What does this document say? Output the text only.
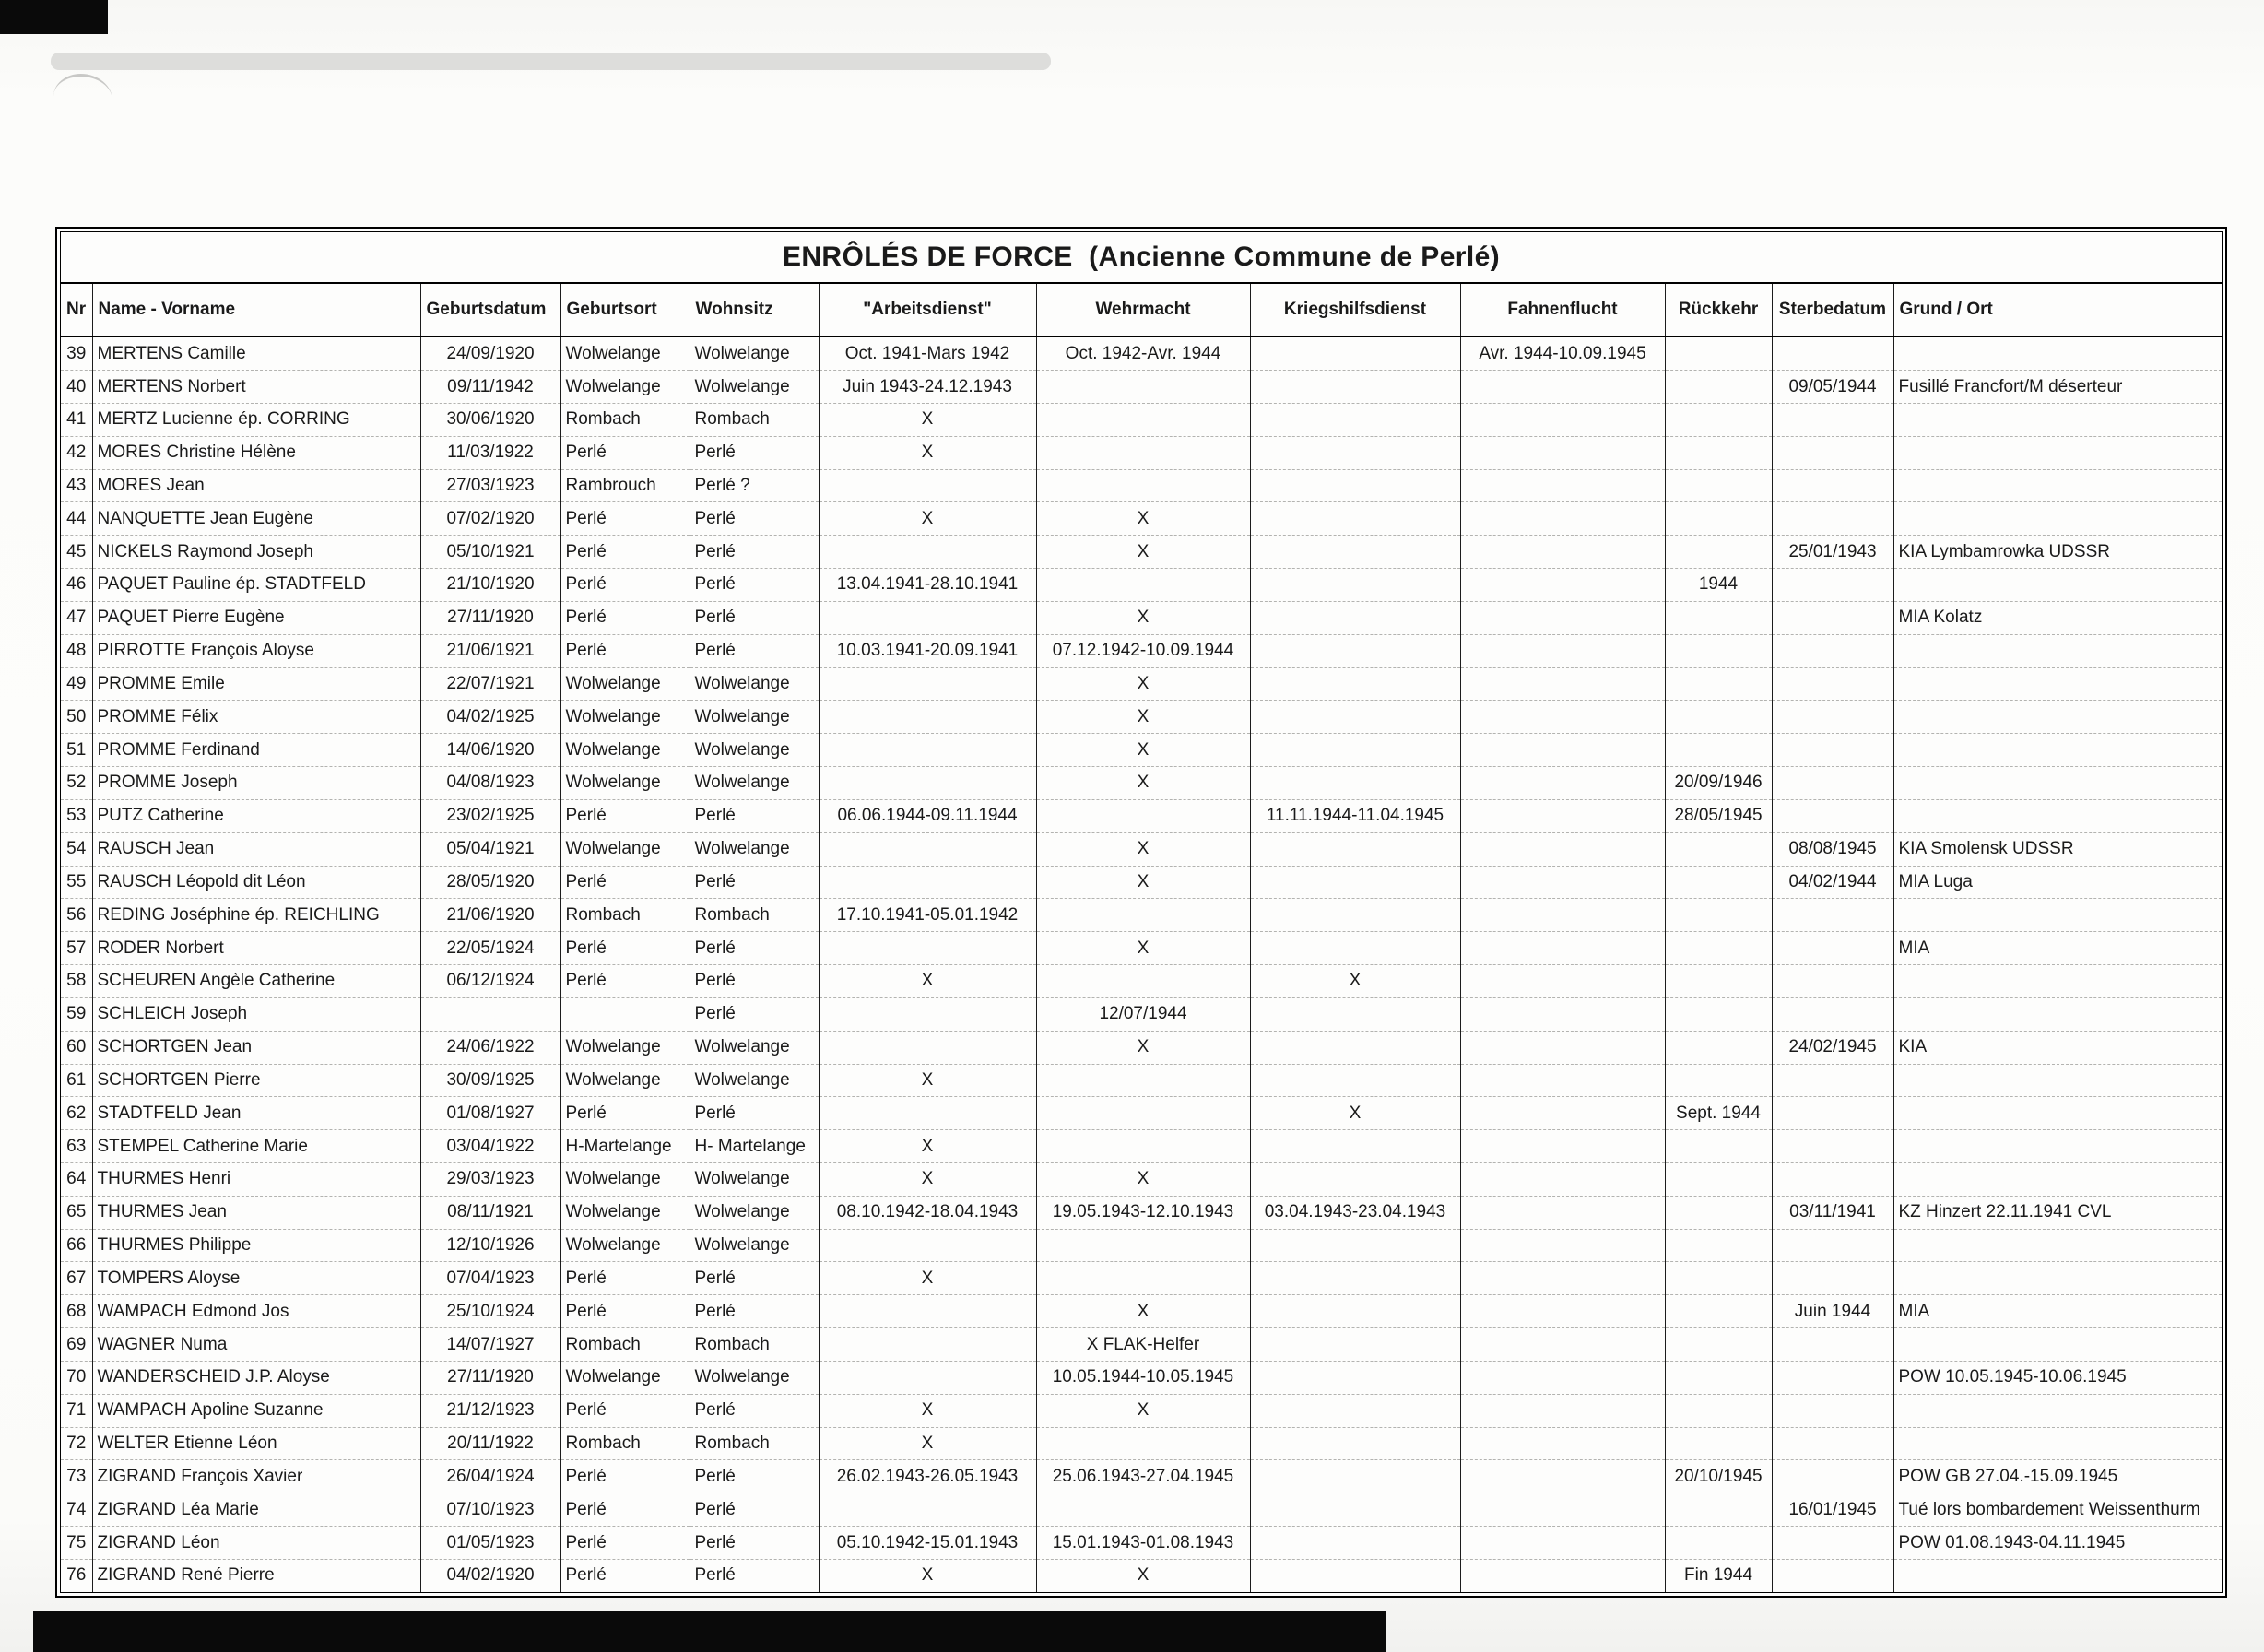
ENRÔLÉS DE FORCE  (Ancienne Commune de Perlé)
Nr	Name - Vorname	Geburtsdatum	Geburtsort	Wohnsitz	"Arbeitsdienst"	Wehrmacht	Kriegshilfsdienst	Fahnenflucht	Rückkehr	Sterbedatum	Grund / Ort
39	MERTENS Camille	24/09/1920	Wolwelange	Wolwelange	Oct. 1941-Mars 1942	Oct. 1942-Avr. 1944		Avr. 1944-10.09.1945			
40	MERTENS Norbert	09/11/1942	Wolwelange	Wolwelange	Juin 1943-24.12.1943					09/05/1944	Fusillé Francfort/M déserteur
41	MERTZ Lucienne ép. CORRING	30/06/1920	Rombach	Rombach	X						
42	MORES Christine Hélène	11/03/1922	Perlé	Perlé	X						
43	MORES Jean	27/03/1923	Rambrouch	Perlé ?							
44	NANQUETTE Jean Eugène	07/02/1920	Perlé	Perlé	X	X					
45	NICKELS Raymond Joseph	05/10/1921	Perlé	Perlé		X				25/01/1943	KIA Lymbamrowka UDSSR
46	PAQUET Pauline ép. STADTFELD	21/10/1920	Perlé	Perlé	13.04.1941-28.10.1941				1944		
47	PAQUET Pierre Eugène	27/11/1920	Perlé	Perlé		X					MIA Kolatz
48	PIRROTTE François Aloyse	21/06/1921	Perlé	Perlé	10.03.1941-20.09.1941	07.12.1942-10.09.1944					
49	PROMME Emile	22/07/1921	Wolwelange	Wolwelange		X					
50	PROMME Félix	04/02/1925	Wolwelange	Wolwelange		X					
51	PROMME Ferdinand	14/06/1920	Wolwelange	Wolwelange		X					
52	PROMME Joseph	04/08/1923	Wolwelange	Wolwelange		X			20/09/1946		
53	PUTZ Catherine	23/02/1925	Perlé	Perlé	06.06.1944-09.11.1944		11.11.1944-11.04.1945		28/05/1945		
54	RAUSCH Jean	05/04/1921	Wolwelange	Wolwelange		X				08/08/1945	KIA Smolensk UDSSR
55	RAUSCH Léopold dit Léon	28/05/1920	Perlé	Perlé		X				04/02/1944	MIA Luga
56	REDING Joséphine ép. REICHLING	21/06/1920	Rombach	Rombach	17.10.1941-05.01.1942						
57	RODER Norbert	22/05/1924	Perlé	Perlé		X					MIA
58	SCHEUREN Angèle Catherine	06/12/1924	Perlé	Perlé	X		X				
59	SCHLEICH Joseph			Perlé		12/07/1944					
60	SCHORTGEN Jean	24/06/1922	Wolwelange	Wolwelange		X				24/02/1945	KIA
61	SCHORTGEN Pierre	30/09/1925	Wolwelange	Wolwelange	X						
62	STADTFELD Jean	01/08/1927	Perlé	Perlé			X		Sept. 1944		
63	STEMPEL Catherine Marie	03/04/1922	H-Martelange	H- Martelange	X						
64	THURMES Henri	29/03/1923	Wolwelange	Wolwelange	X	X					
65	THURMES Jean	08/11/1921	Wolwelange	Wolwelange	08.10.1942-18.04.1943	19.05.1943-12.10.1943	03.04.1943-23.04.1943			03/11/1941	KZ Hinzert 22.11.1941 CVL
66	THURMES Philippe	12/10/1926	Wolwelange	Wolwelange							
67	TOMPERS Aloyse	07/04/1923	Perlé	Perlé	X						
68	WAMPACH Edmond Jos	25/10/1924	Perlé	Perlé		X				Juin 1944	MIA
69	WAGNER Numa	14/07/1927	Rombach	Rombach		X FLAK-Helfer					
70	WANDERSCHEID J.P. Aloyse	27/11/1920	Wolwelange	Wolwelange		10.05.1944-10.05.1945					POW 10.05.1945-10.06.1945
71	WAMPACH Apoline Suzanne	21/12/1923	Perlé	Perlé	X	X					
72	WELTER Etienne Léon	20/11/1922	Rombach	Rombach	X						
73	ZIGRAND François Xavier	26/04/1924	Perlé	Perlé	26.02.1943-26.05.1943	25.06.1943-27.04.1945			20/10/1945		POW GB 27.04.-15.09.1945
74	ZIGRAND Léa Marie	07/10/1923	Perlé	Perlé						16/01/1945	Tué lors bombardement Weissenthurm
75	ZIGRAND Léon	01/05/1923	Perlé	Perlé	05.10.1942-15.01.1943	15.01.1943-01.08.1943					POW 01.08.1943-04.11.1945
76	ZIGRAND René Pierre	04/02/1920	Perlé	Perlé	X	X			Fin 1944		
